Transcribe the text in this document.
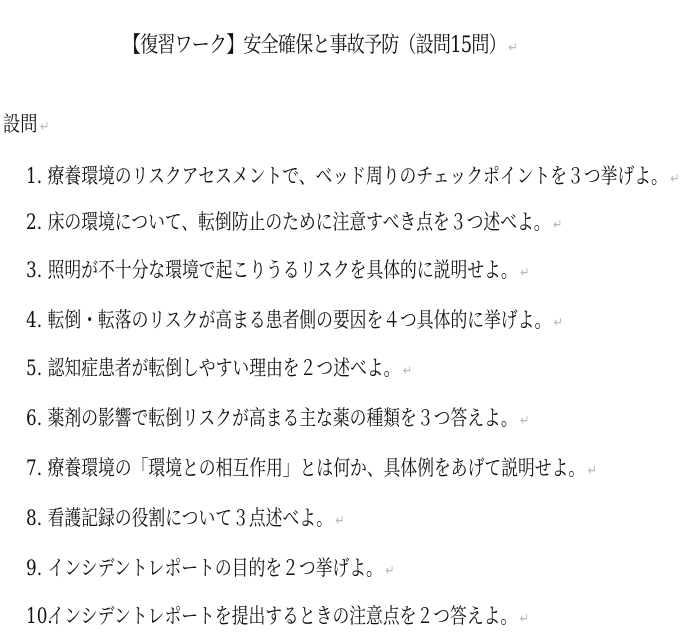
【復習ワーク】安全確保と事故予防（設問15問） ↵
設問 ↵
1. 療養環境のリスクアセスメントで、ベッド周りのチェックポイントを３つ挙げよ。 ↵
2. 床の環境について、転倒防止のために注意すべき点を３つ述べよ。 ↵
3. 照明が不十分な環境で起こりうるリスクを具体的に説明せよ。 ↵
4. 転倒・転落のリスクが高まる患者側の要因を４つ具体的に挙げよ。 ↵
5. 認知症患者が転倒しやすい理由を２つ述べよ。 ↵
6. 薬剤の影響で転倒リスクが高まる主な薬の種類を３つ答えよ。 ↵
7. 療養環境の「環境との相互作用」とは何か、具体例をあげて説明せよ。 ↵
8. 看護記録の役割について３点述べよ。 ↵
9. インシデントレポートの目的を２つ挙げよ。 ↵
10.インシデントレポートを提出するときの注意点を２つ答えよ。 ↵
